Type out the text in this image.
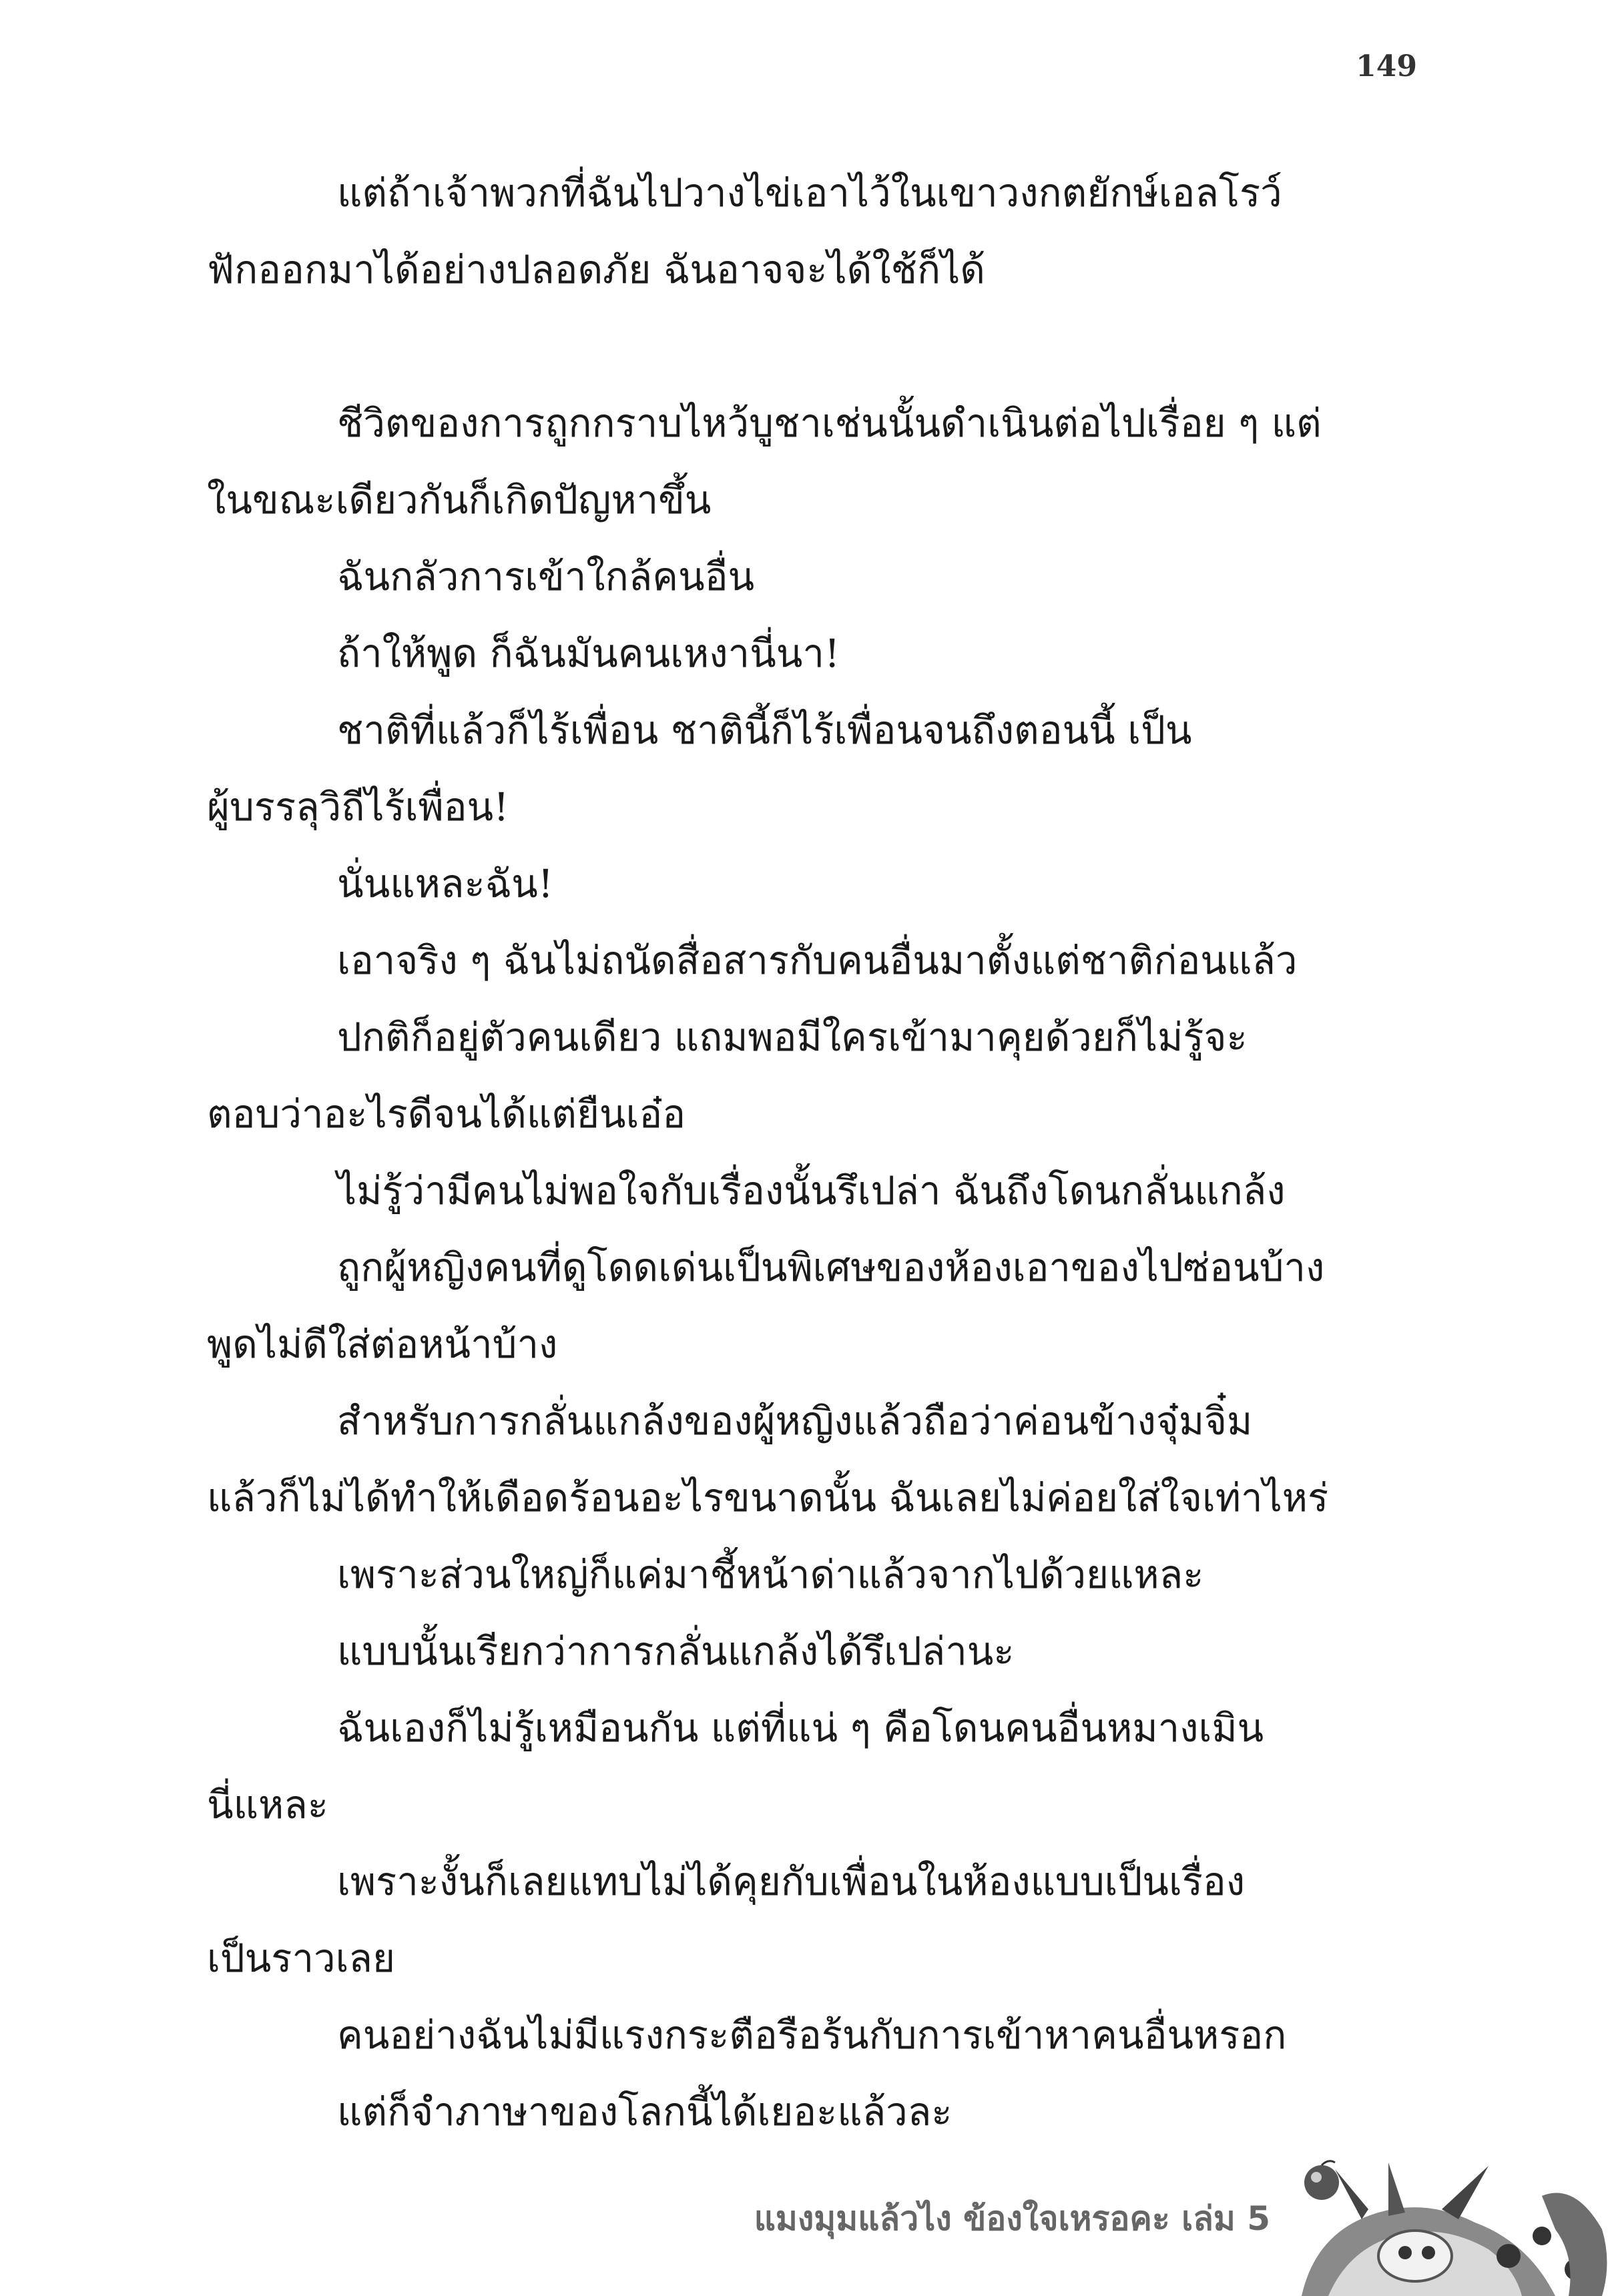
149

แต่ถ้าเจ้าพวกที่ฉันไปวางไข่เอาไว้ในเขาวงกตยักษ์เอลโรว์

ฟักออกมาได้อย่างปลอดภัย ฉันอาจจะได้ใช้ก็ได้

ชีวิตของการถูกกราบไหว้บูชาเช่นนั้นดำเนินต่อไปเรื่อย ๆ แต่

ในขณะเดียวกันก็เกิดปัญหาขึ้น

ฉันกลัวการเข้าใกล้คนอื่น

ถ้าให้พูด ก็ฉันมันคนเหงานี่นา!

ชาติที่แล้วก็ไร้เพื่อน ชาตินี้ก็ไร้เพื่อนจนถึงตอนนี้ เป็น

ผู้บรรลุวิถีไร้เพื่อน!

นั่นแหละฉัน!

เอาจริง ๆ ฉันไม่ถนัดสื่อสารกับคนอื่นมาตั้งแต่ชาติก่อนแล้ว

ปกติก็อยู่ตัวคนเดียว แถมพอมีใครเข้ามาคุยด้วยก็ไม่รู้จะ

ตอบว่าอะไรดีจนได้แต่ยืนเอ๋อ

ไม่รู้ว่ามีคนไม่พอใจกับเรื่องนั้นรึเปล่า ฉันถึงโดนกลั่นแกล้ง

ถูกผู้หญิงคนที่ดูโดดเด่นเป็นพิเศษของห้องเอาของไปซ่อนบ้าง

พูดไม่ดีใส่ต่อหน้าบ้าง

สำหรับการกลั่นแกล้งของผู้หญิงแล้วถือว่าค่อนข้างจุ๋มจิ๋ม

แล้วก็ไม่ได้ทำให้เดือดร้อนอะไรขนาดนั้น ฉันเลยไม่ค่อยใส่ใจเท่าไหร่

เพราะส่วนใหญ่ก็แค่มาชี้หน้าด่าแล้วจากไปด้วยแหละ

แบบนั้นเรียกว่าการกลั่นแกล้งได้รึเปล่านะ

ฉันเองก็ไม่รู้เหมือนกัน แต่ที่แน่ ๆ คือโดนคนอื่นหมางเมิน

นี่แหละ

เพราะงั้นก็เลยแทบไม่ได้คุยกับเพื่อนในห้องแบบเป็นเรื่อง

เป็นราวเลย

คนอย่างฉันไม่มีแรงกระตือรือร้นกับการเข้าหาคนอื่นหรอก

แต่ก็จำภาษาของโลกนี้ได้เยอะแล้วละ

แมงมุมแล้วไง ข้องใจเหรอคะ เล่ม 5
